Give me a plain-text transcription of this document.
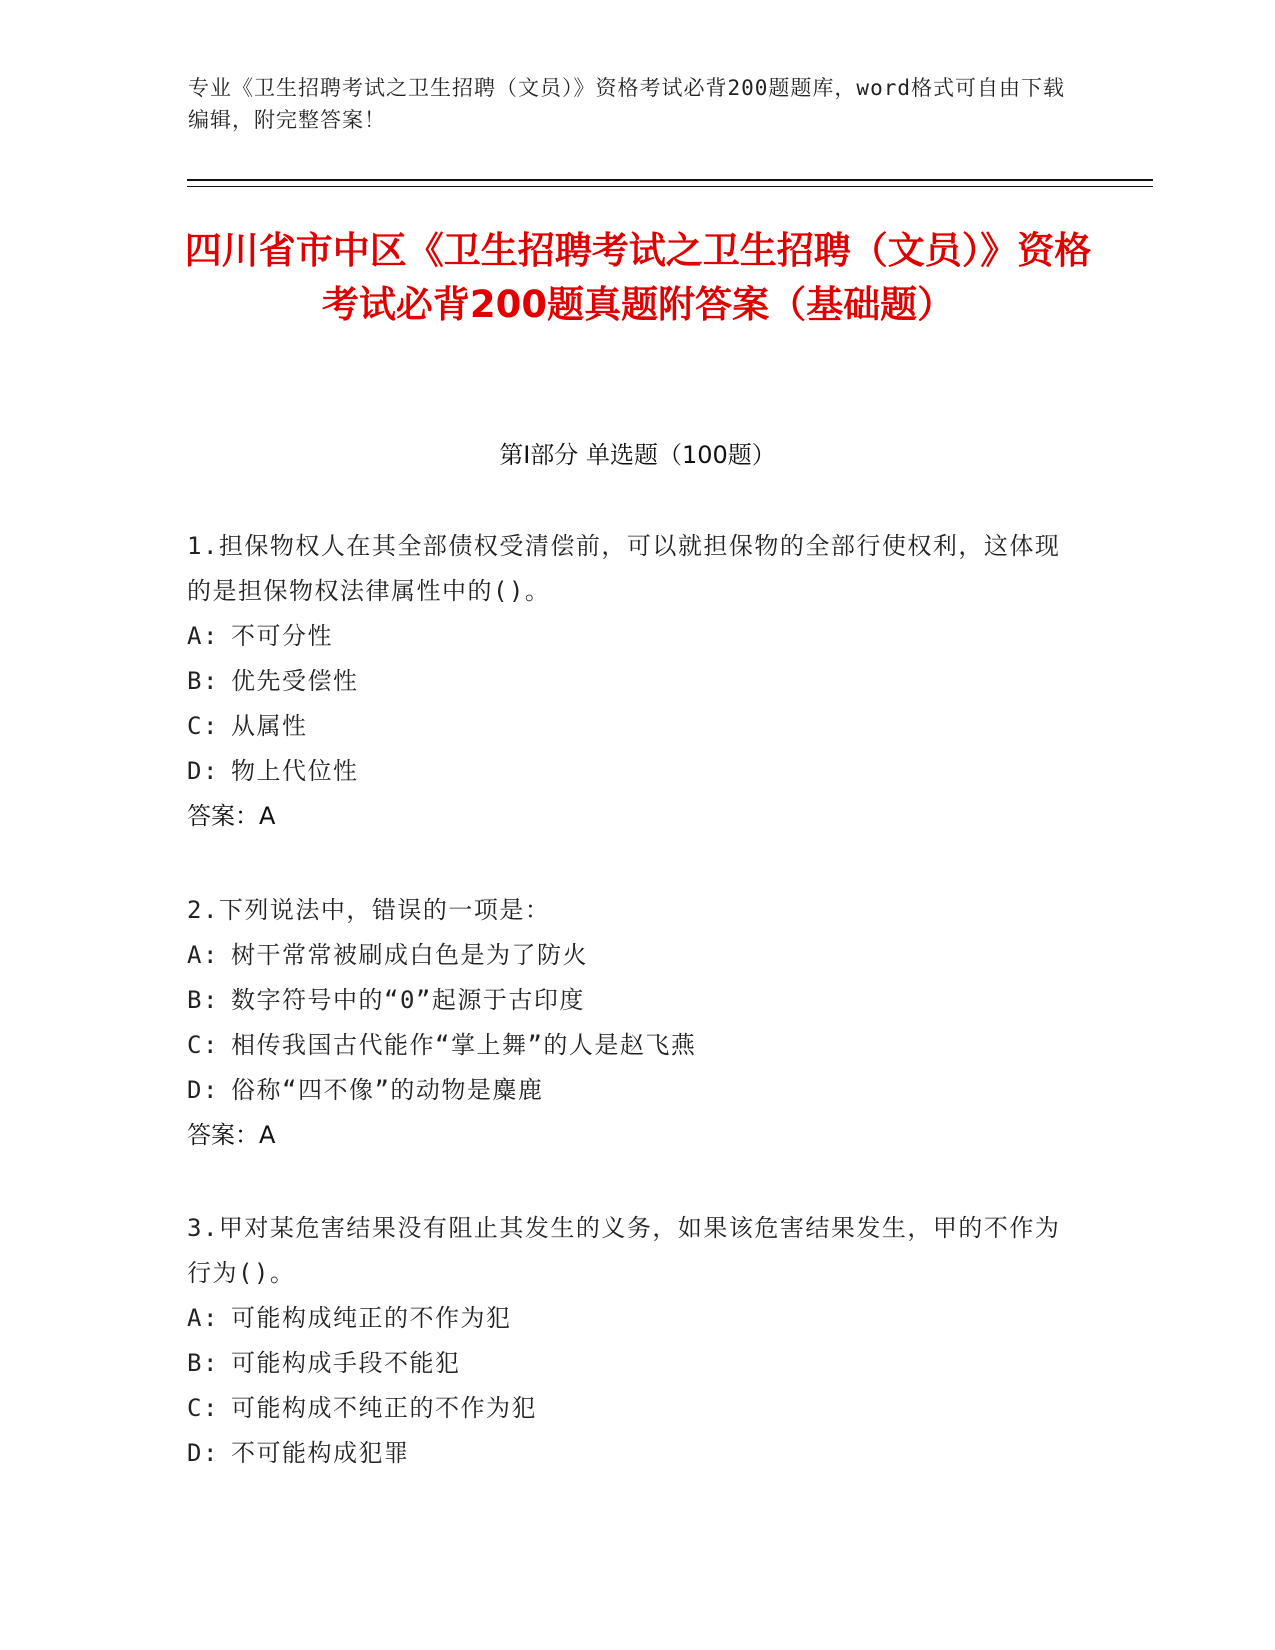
专业《卫生招聘考试之卫生招聘（文员）》资格考试必背200题题库，word格式可自由下载编辑，附完整答案！
四川省市中区《卫生招聘考试之卫生招聘（文员）》资格考试必背200题真题附答案（基础题）
第Ⅰ部分 单选题（100题）
1.担保物权人在其全部债权受清偿前，可以就担保物的全部行使权利，这体现的是担保物权法律属性中的()。
A: 不可分性
B: 优先受偿性
C: 从属性
D: 物上代位性
答案：A
2.下列说法中，错误的一项是：
A: 树干常常被刷成白色是为了防火
B: 数字符号中的“0”起源于古印度
C: 相传我国古代能作“掌上舞”的人是赵飞燕
D: 俗称“四不像”的动物是麋鹿
答案：A
3.甲对某危害结果没有阻止其发生的义务，如果该危害结果发生，甲的不作为行为()。
A: 可能构成纯正的不作为犯
B: 可能构成手段不能犯
C: 可能构成不纯正的不作为犯
D: 不可能构成犯罪
